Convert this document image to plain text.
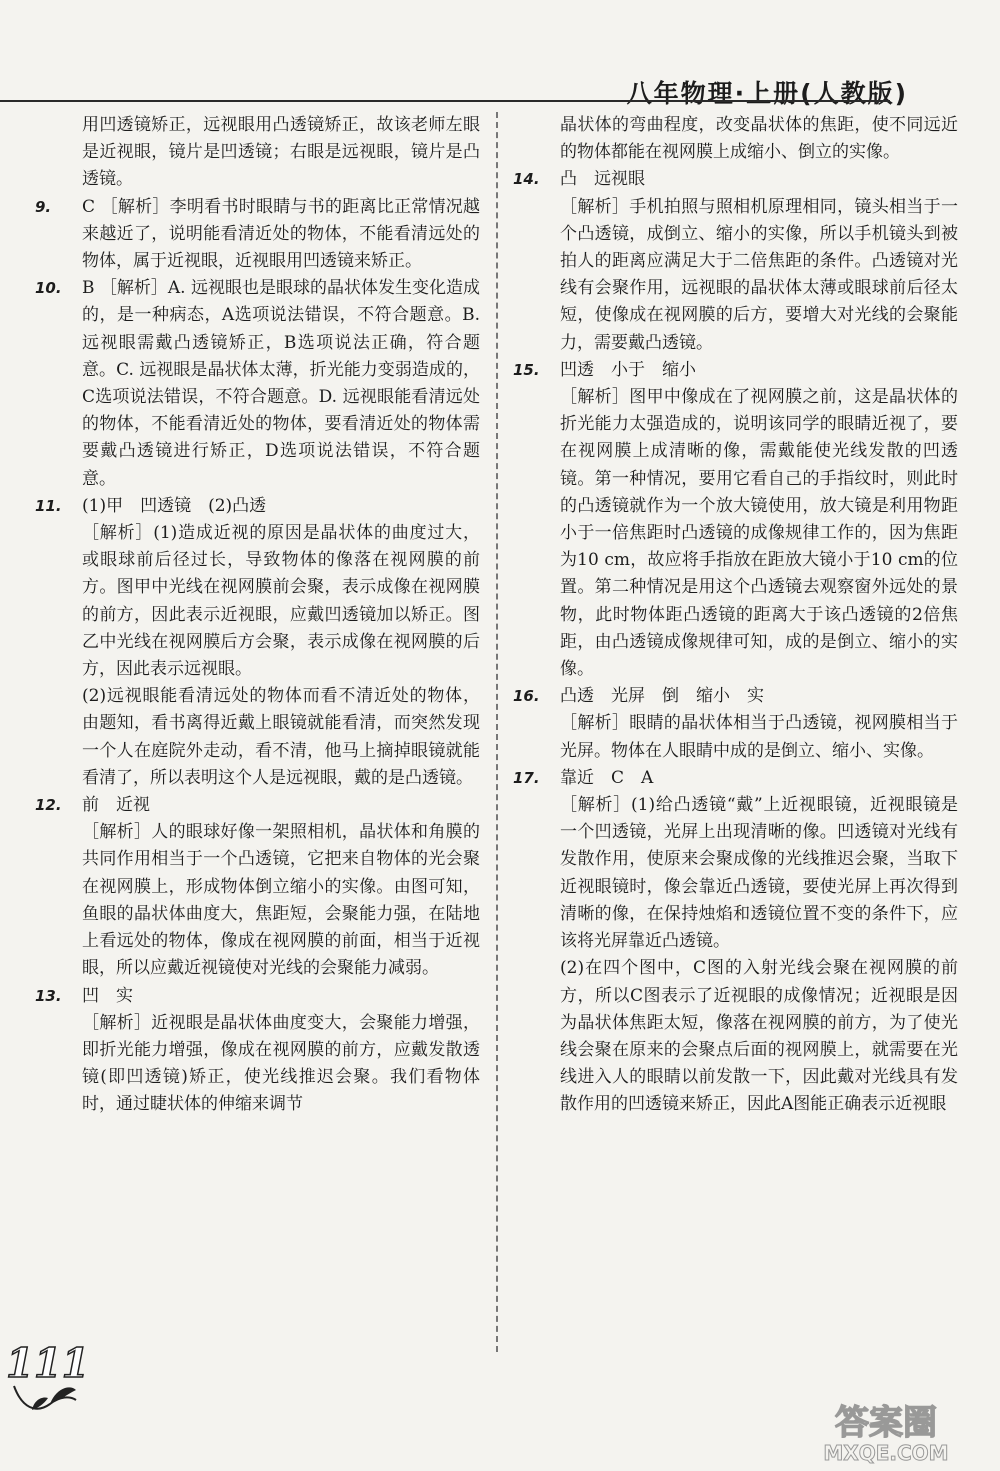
八年物理·上册(人教版)

用凹透镜矫正，远视眼用凸透镜矫正，故该老师左眼是近视眼，镜片是凹透镜；右眼是远视眼，镜片是凸透镜。

9. C ［解析］李明看书时眼睛与书的距离比正常情况越来越近了，说明能看清近处的物体，不能看清远处的物体，属于近视眼，近视眼用凹透镜来矫正。

10. B ［解析］A. 远视眼也是眼球的晶状体发生变化造成的，是一种病态，A选项说法错误，不符合题意。B. 远视眼需戴凸透镜矫正，B选项说法正确，符合题意。C. 远视眼是晶状体太薄，折光能力变弱造成的，C选项说法错误，不符合题意。D. 远视眼能看清远处的物体，不能看清近处的物体，要看清近处的物体需要戴凸透镜进行矫正，D选项说法错误，不符合题意。

11. (1)甲　凹透镜　(2)凸透

［解析］(1)造成近视的原因是晶状体的曲度过大，或眼球前后径过长，导致物体的像落在视网膜的前方。图甲中光线在视网膜前会聚，表示成像在视网膜的前方，因此表示近视眼，应戴凹透镜加以矫正。图乙中光线在视网膜后方会聚，表示成像在视网膜的后方，因此表示远视眼。

(2)远视眼能看清远处的物体而看不清近处的物体，由题知，看书离得近戴上眼镜就能看清，而突然发现一个人在庭院外走动，看不清，他马上摘掉眼镜就能看清了，所以表明这个人是远视眼，戴的是凸透镜。

12. 前　近视

［解析］人的眼球好像一架照相机，晶状体和角膜的共同作用相当于一个凸透镜，它把来自物体的光会聚在视网膜上，形成物体倒立缩小的实像。由图可知，鱼眼的晶状体曲度大，焦距短，会聚能力强，在陆地上看远处的物体，像成在视网膜的前面，相当于近视眼，所以应戴近视镜使对光线的会聚能力减弱。

13. 凹　实

［解析］近视眼是晶状体曲度变大，会聚能力增强，即折光能力增强，像成在视网膜的前方，应戴发散透镜(即凹透镜)矫正，使光线推迟会聚。我们看物体时，通过睫状体的伸缩来调节

晶状体的弯曲程度，改变晶状体的焦距，使不同远近的物体都能在视网膜上成缩小、倒立的实像。

14. 凸　远视眼

［解析］手机拍照与照相机原理相同，镜头相当于一个凸透镜，成倒立、缩小的实像，所以手机镜头到被拍人的距离应满足大于二倍焦距的条件。凸透镜对光线有会聚作用，远视眼的晶状体太薄或眼球前后径太短，使像成在视网膜的后方，要增大对光线的会聚能力，需要戴凸透镜。

15. 凹透　小于　缩小

［解析］图甲中像成在了视网膜之前，这是晶状体的折光能力太强造成的，说明该同学的眼睛近视了，要在视网膜上成清晰的像，需戴能使光线发散的凹透镜。第一种情况，要用它看自己的手指纹时，则此时的凸透镜就作为一个放大镜使用，放大镜是利用物距小于一倍焦距时凸透镜的成像规律工作的，因为焦距为10 cm，故应将手指放在距放大镜小于10 cm的位置。第二种情况是用这个凸透镜去观察窗外远处的景物，此时物体距凸透镜的距离大于该凸透镜的2倍焦距，由凸透镜成像规律可知，成的是倒立、缩小的实像。

16. 凸透　光屏　倒　缩小　实

［解析］眼睛的晶状体相当于凸透镜，视网膜相当于光屏。物体在人眼睛中成的是倒立、缩小、实像。

17. 靠近　C　A

［解析］(1)给凸透镜“戴”上近视眼镜，近视眼镜是一个凹透镜，光屏上出现清晰的像。凹透镜对光线有发散作用，使原来会聚成像的光线推迟会聚，当取下近视眼镜时，像会靠近凸透镜，要使光屏上再次得到清晰的像，在保持烛焰和透镜位置不变的条件下，应该将光屏靠近凸透镜。

(2)在四个图中，C图的入射光线会聚在视网膜的前方，所以C图表示了近视眼的成像情况；近视眼是因为晶状体焦距太短，像落在视网膜的前方，为了使光线会聚在原来的会聚点后面的视网膜上，就需要在光线进入人的眼睛以前发散一下，因此戴对光线具有发散作用的凹透镜来矫正，因此A图能正确表示近视眼

111
答案圈
MXQE.COM
